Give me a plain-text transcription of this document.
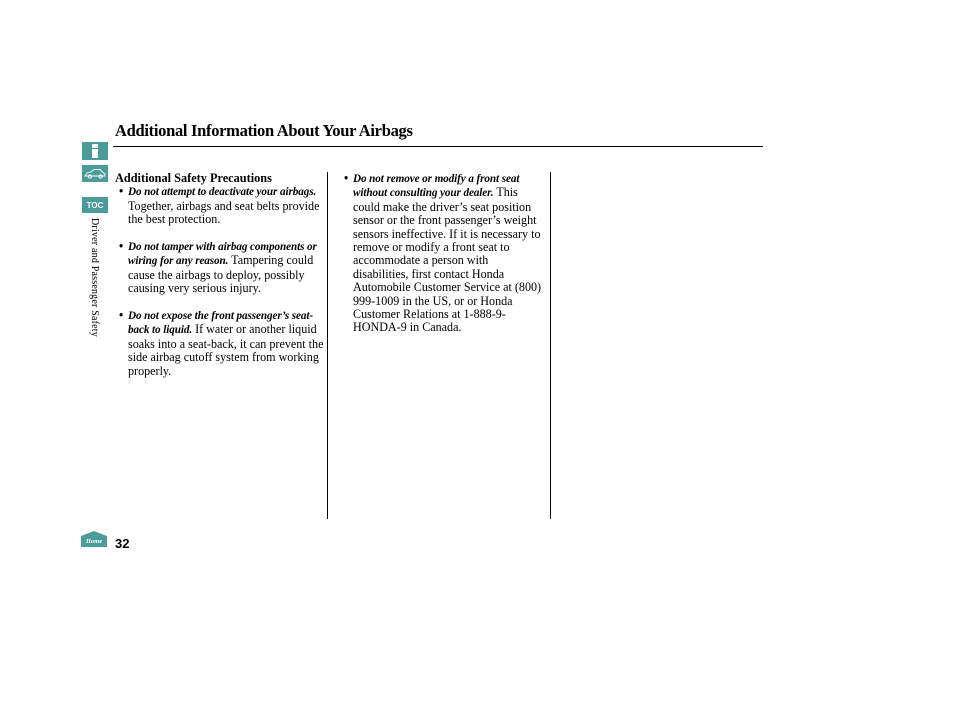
Additional Information About Your Airbags
TOC
Driver and Passenger Safety
Home 32
Additional Safety Precautions
• Do not attempt to deactivate your airbags. Together, airbags and seat belts provide the best protection.
• Do not tamper with airbag components or wiring for any reason. Tampering could cause the airbags to deploy, possibly causing very serious injury.
• Do not expose the front passenger’s seat-back to liquid. If water or another liquid soaks into a seat-back, it can prevent the side airbag cutoff system from working properly.
• Do not remove or modify a front seat without consulting your dealer. This could make the driver’s seat position sensor or the front passenger’s weight sensors ineffective. If it is necessary to remove or modify a front seat to accommodate a person with disabilities, first contact Honda Automobile Customer Service at (800) 999-1009 in the US, or or Honda Customer Relations at 1-888-9-HONDA-9 in Canada.
